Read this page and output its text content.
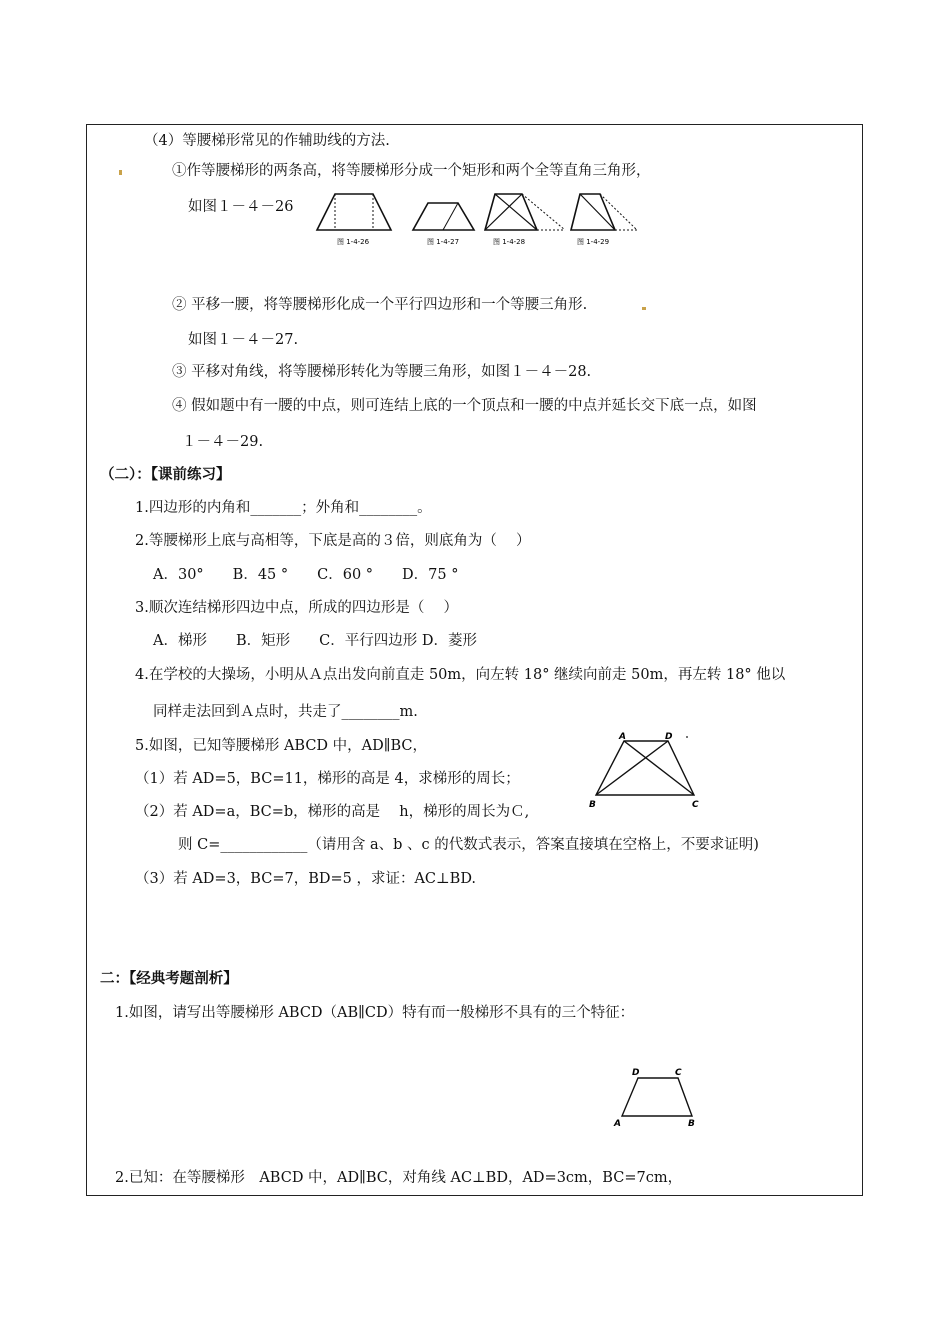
（4）等腰梯形常见的作辅助线的方法.
①作等腰梯形的两条高，将等腰梯形分成一个矩形和两个全等直角三角形，
如图１－４－26
图 1-4-26	图 1-4-27	图 1-4-28	图 1-4-29
② 平移一腰，将等腰梯形化成一个平行四边形和一个等腰三角形.
如图１－４－27.
③ 平移对角线，将等腰梯形转化为等腰三角形，如图１－４－28.
④ 假如题中有一腰的中点，则可连结上底的一个顶点和一腰的中点并延长交下底一点，如图
１－４－29.
（二）：【课前练习】
1.四边形的内角和_______；外角和________。
2.等腰梯形上底与高相等，下底是高的３倍，则底角为（　 ）
A．30°　　B．45 °　　C．60 °　　D．75 °
3.顺次连结梯形四边中点，所成的四边形是（　 ）
A．梯形　　B．矩形　　C．平行四边形 D．菱形
4.在学校的大操场，小明从Ａ点出发向前直走 50m，向左转 18° 继续向前走 50m，再左转 18° 他以
同样走法回到Ａ点时，共走了________m.
5.如图，已知等腰梯形 ABCD 中，AD∥BC，
（1）若 AD=5，BC=11，梯形的高是 4，求梯形的周长；
（2）若 AD=a，BC=b，梯形的高是　 h，梯形的周长为Ｃ,
则 C=____________（请用含 a、b 、c 的代数式表示，答案直接填在空格上，不要求证明)
（3）若 AD=3，BC=7，BD=5 ，求证：AC⊥BD.
A	D
B	C
二：【经典考题剖析】
1.如图，请写出等腰梯形 ABCD（AB∥CD）特有而一般梯形不具有的三个特征：
D	C
A	B
2.已知：在等腰梯形　ABCD 中，AD∥BC，对角线 AC⊥BD，AD=3cm，BC=7cm，
